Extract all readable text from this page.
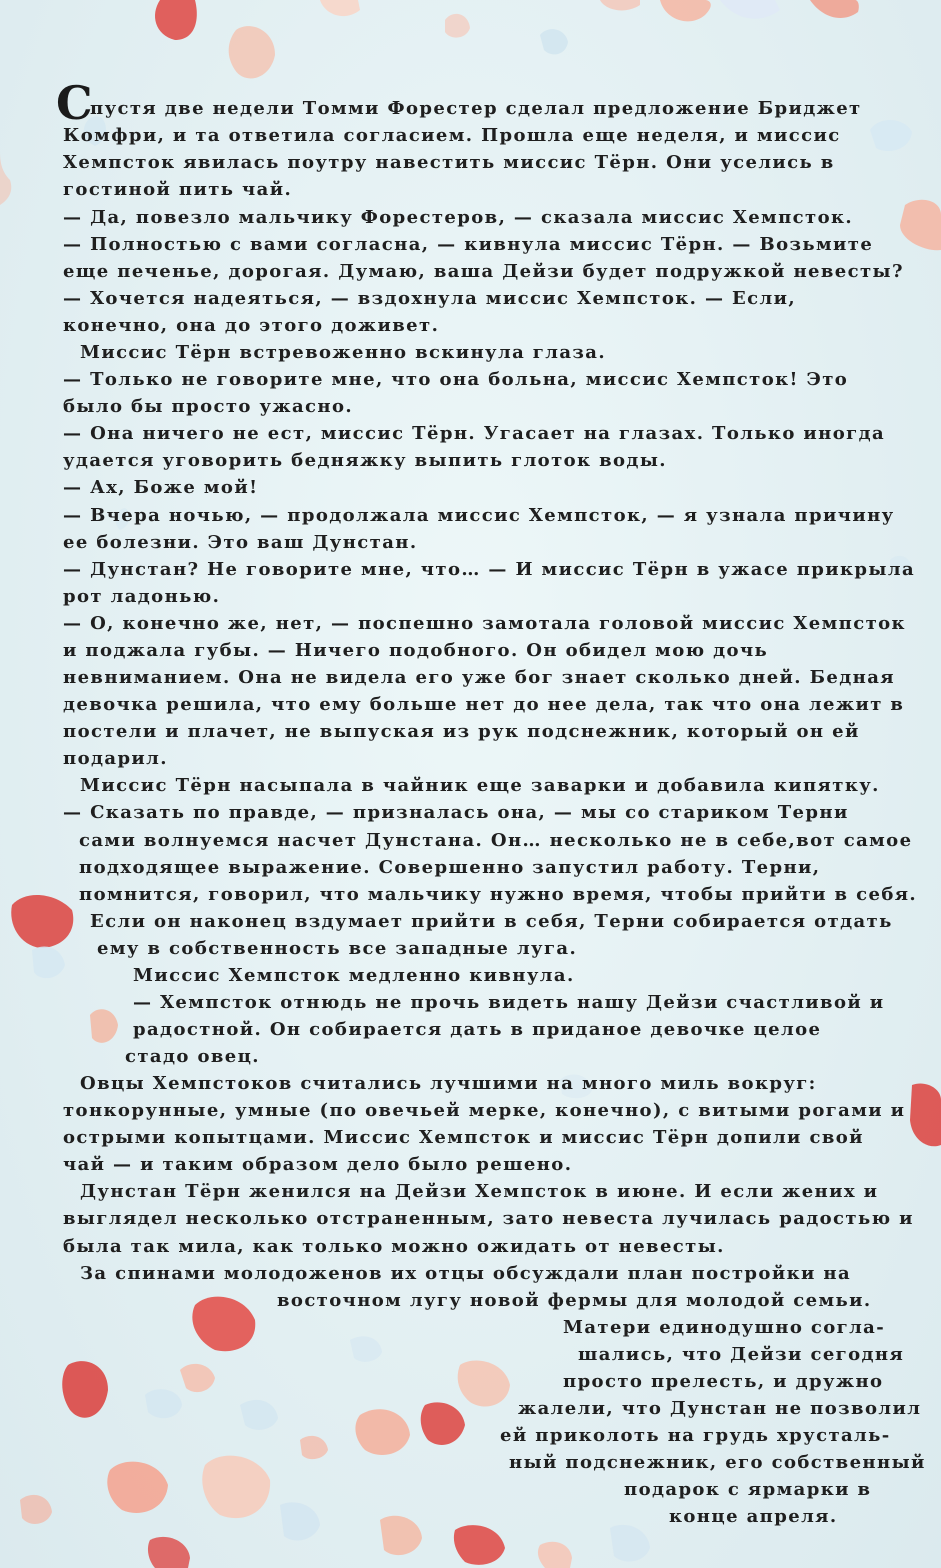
С
пустя две недели Томми Форестер сделал предложение Бриджет
Комфри, и та ответила согласием. Прошла еще неделя, и миссис
Хемпсток явилась поутру навестить миссис Тёрн. Они уселись в
гостиной пить чай.
— Да, повезло мальчику Форестеров, — сказала миссис Хемпсток.
— Полностью с вами согласна, — кивнула миссис Тёрн. — Возьмите
еще печенье, дорогая. Думаю, ваша Дейзи будет подружкой невесты?
— Хочется надеяться, — вздохнула миссис Хемпсток. — Если,
конечно, она до этого доживет.
Миссис Тёрн встревоженно вскинула глаза.
— Только не говорите мне, что она больна, миссис Хемпсток! Это
было бы просто ужасно.
— Она ничего не ест, миссис Тёрн. Угасает на глазах. Только иногда
удается уговорить бедняжку выпить глоток воды.
— Ах, Боже мой!
— Вчера ночью, — продолжала миссис Хемпсток, — я узнала причину
ее болезни. Это ваш Дунстан.
— Дунстан? Не говорите мне, что… — И миссис Тёрн в ужасе прикрыла
рот ладонью.
— О, конечно же, нет, — поспешно замотала головой миссис Хемпсток
и поджала губы. — Ничего подобного. Он обидел мою дочь
невниманием. Она не видела его уже бог знает сколько дней. Бедная
девочка решила, что ему больше нет до нее дела, так что она лежит в
постели и плачет, не выпуская из рук подснежник, который он ей
подарил.
Миссис Тёрн насыпала в чайник еще заварки и добавила кипятку.
— Сказать по правде, — призналась она, — мы со стариком Терни
сами волнуемся насчет Дунстана. Он… несколько не в себе,вот самое
подходящее выражение. Совершенно запустил работу. Терни,
помнится, говорил, что мальчику нужно время, чтобы прийти в себя.
Если он наконец вздумает прийти в себя, Терни собирается отдать
ему в собственность все западные луга.
Миссис Хемпсток медленно кивнула.
— Хемпсток отнюдь не прочь видеть нашу Дейзи счастливой и
радостной. Он собирается дать в приданое девочке целое
стадо овец.
Овцы Хемпстоков считались лучшими на много миль вокруг:
тонкорунные, умные (по овечьей мерке, конечно), с витыми рогами и
острыми копытцами. Миссис Хемпсток и миссис Тёрн допили свой
чай — и таким образом дело было решено.
Дунстан Тёрн женился на Дейзи Хемпсток в июне. И если жених и
выглядел несколько отстраненным, зато невеста лучилась радостью и
была так мила, как только можно ожидать от невесты.
За спинами молодоженов их отцы обсуждали план постройки на
восточном лугу новой фермы для молодой семьи.
Матери единодушно согла-
шались, что Дейзи сегодня
просто прелесть, и дружно
жалели, что Дунстан не позволил
ей приколоть на грудь хрусталь-
ный подснежник, его собственный
подарок с ярмарки в
конце апреля.
